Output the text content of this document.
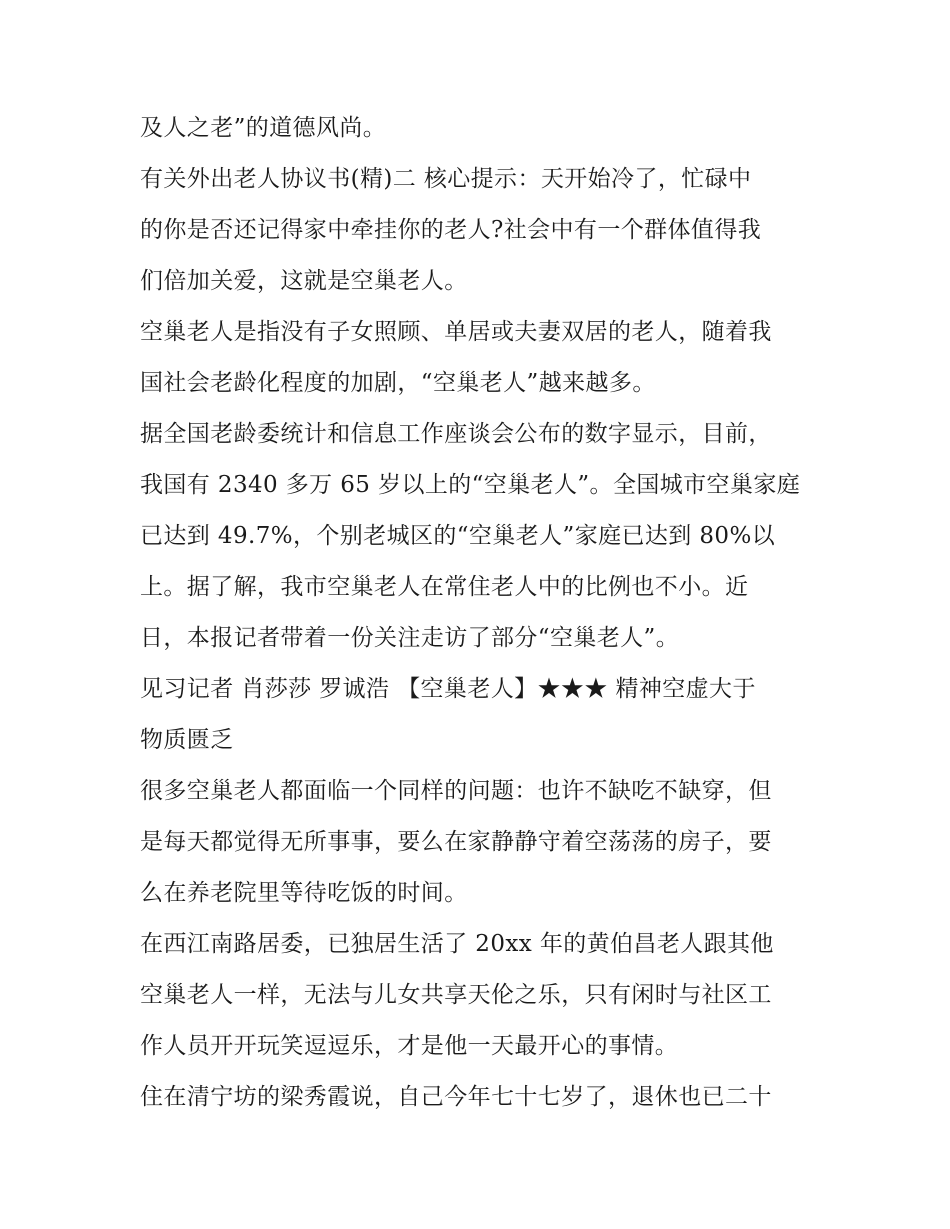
及人之老”的道德风尚。
有关外出老人协议书(精)二 核心提示：天开始冷了，忙碌中
的你是否还记得家中牵挂你的老人?社会中有一个群体值得我
们倍加关爱，这就是空巢老人。
空巢老人是指没有子女照顾、单居或夫妻双居的老人，随着我
国社会老龄化程度的加剧，“空巢老人”越来越多。
据全国老龄委统计和信息工作座谈会公布的数字显示，目前，
我国有 2340 多万 65 岁以上的“空巢老人”。全国城市空巢家庭
已达到 49.7%，个别老城区的“空巢老人”家庭已达到 80%以
上。据了解，我市空巢老人在常住老人中的比例也不小。近
日，本报记者带着一份关注走访了部分“空巢老人”。
见习记者 肖莎莎 罗诚浩 【空巢老人】★★★ 精神空虚大于
物质匮乏
很多空巢老人都面临一个同样的问题：也许不缺吃不缺穿，但
是每天都觉得无所事事，要么在家静静守着空荡荡的房子，要
么在养老院里等待吃饭的时间。
在西江南路居委，已独居生活了 20xx 年的黄伯昌老人跟其他
空巢老人一样，无法与儿女共享天伦之乐，只有闲时与社区工
作人员开开玩笑逗逗乐，才是他一天最开心的事情。
住在清宁坊的梁秀霞说，自己今年七十七岁了，退休也已二十
